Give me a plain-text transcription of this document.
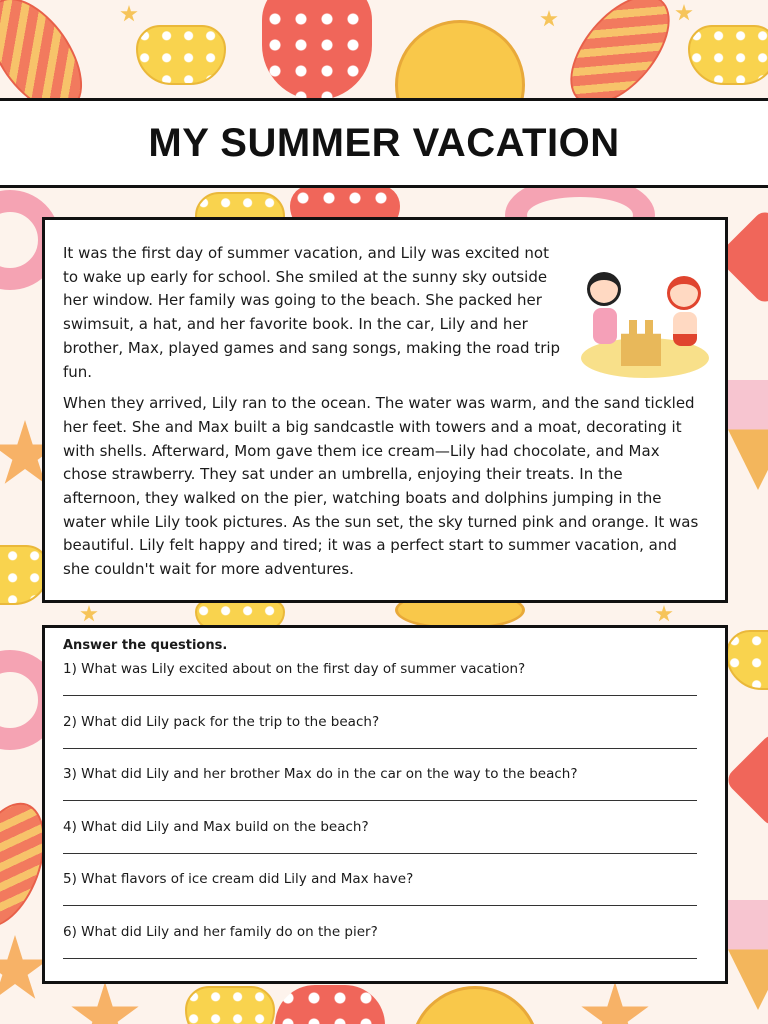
MY SUMMER VACATION

It was the first day of summer vacation, and Lily was excited not to wake up early for school. She smiled at the sunny sky outside her window. Her family was going to the beach. She packed her swimsuit, a hat, and her favorite book. In the car, Lily and her brother, Max, played games and sang songs, making the road trip fun.

When they arrived, Lily ran to the ocean. The water was warm, and the sand tickled her feet. She and Max built a big sandcastle with towers and a moat, decorating it with shells. Afterward, Mom gave them ice cream—Lily had chocolate, and Max chose strawberry. They sat under an umbrella, enjoying their treats. In the afternoon, they walked on the pier, watching boats and dolphins jumping in the water while Lily took pictures. As the sun set, the sky turned pink and orange. It was beautiful. Lily felt happy and tired; it was a perfect start to summer vacation, and she couldn't wait for more adventures.

Answer the questions.
1) What was Lily excited about on the first day of summer vacation?
2) What did Lily pack for the trip to the beach?
3) What did Lily and her brother Max do in the car on the way to the beach?
4) What did Lily and Max build on the beach?
5) What flavors of ice cream did Lily and Max have?
6) What did Lily and her family do on the pier?
